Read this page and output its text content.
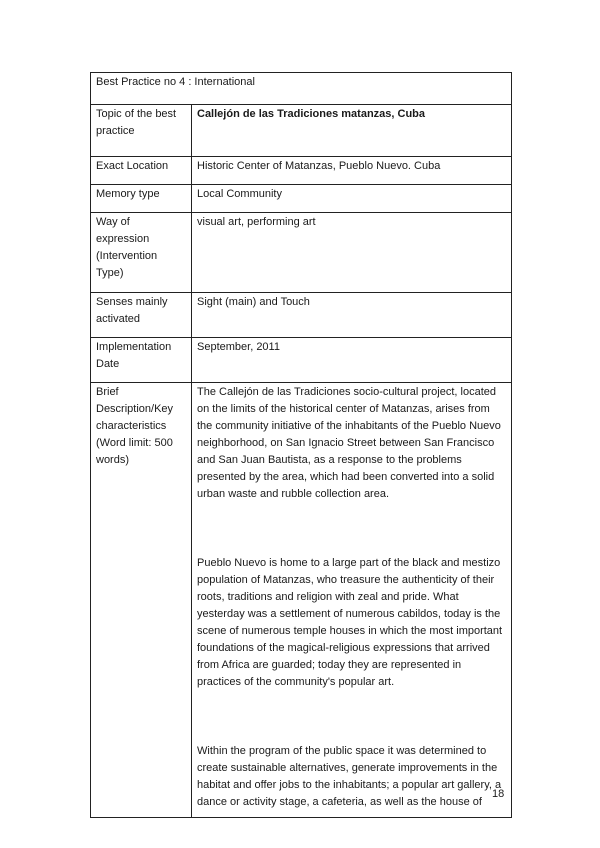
Best Practice no 4 : International	
Topic of the best practice	Callejón de las Tradiciones matanzas, Cuba
Exact Location	Historic Center of Matanzas, Pueblo Nuevo. Cuba
Memory type	Local Community
Way of expression (Intervention Type)	visual art, performing art
Senses mainly activated	Sight (main) and Touch
Implementation Date	September, 2011
Brief Description/Key characteristics (Word limit: 500 words)	The Callejón de las Tradiciones socio-cultural project, located on the limits of the historical center of Matanzas, arises from the community initiative of the inhabitants of the Pueblo Nuevo neighborhood, on San Ignacio Street between San Francisco and San Juan Bautista, as a response to the problems presented by the area, which had been converted into a solid urban waste and rubble collection area.

Pueblo Nuevo is home to a large part of the black and mestizo population of Matanzas, who treasure the authenticity of their roots, traditions and religion with zeal and pride. What yesterday was a settlement of numerous cabildos, today is the scene of numerous temple houses in which the most important foundations of the magical-religious expressions that arrived from Africa are guarded; today they are represented in practices of the community's popular art.

Within the program of the public space it was determined to create sustainable alternatives, generate improvements in the habitat and offer jobs to the inhabitants; a popular art gallery, a dance or activity stage, a cafeteria, as well as the house of

18
